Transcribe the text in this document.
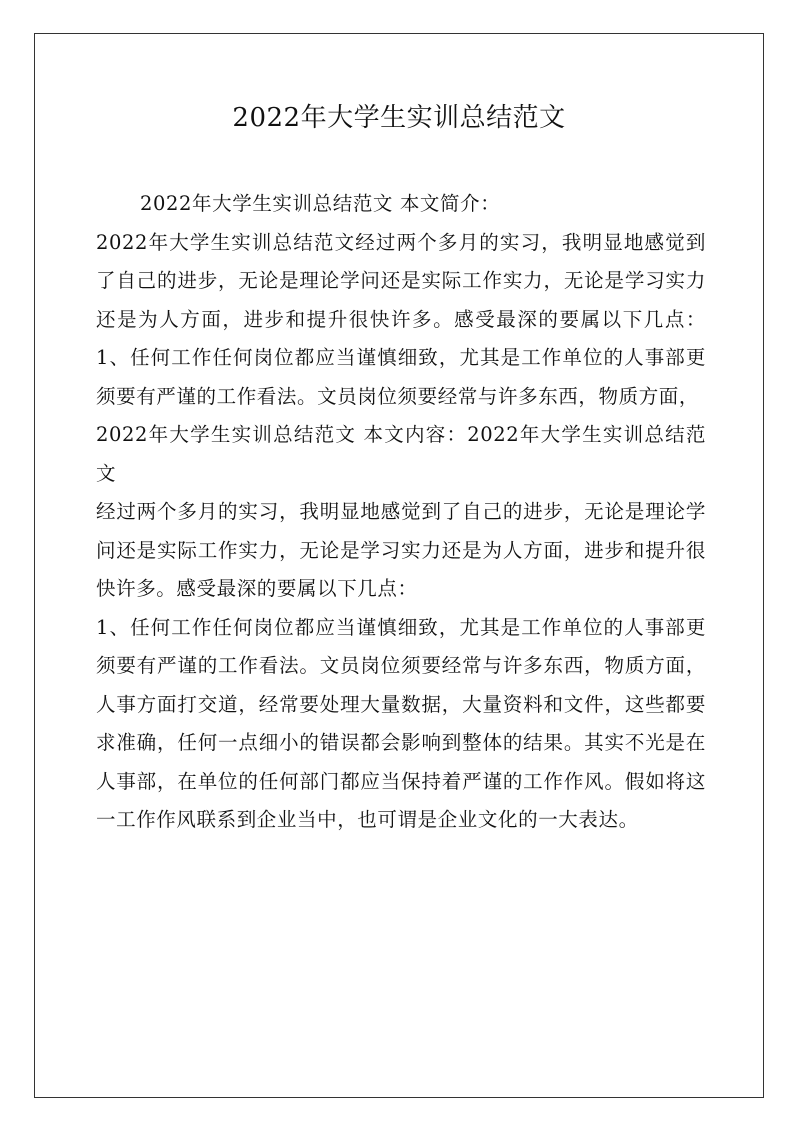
2022年大学生实训总结范文

2022年大学生实训总结范文 本文简介：

2022年大学生实训总结范文经过两个多月的实习，我明显地感觉到了自己的进步，无论是理论学问还是实际工作实力，无论是学习实力还是为人方面，进步和提升很快许多。感受最深的要属以下几点：1、任何工作任何岗位都应当谨慎细致，尤其是工作单位的人事部更须要有严谨的工作看法。文员岗位须要经常与许多东西，物质方面，

2022年大学生实训总结范文 本文内容：2022年大学生实训总结范文

经过两个多月的实习，我明显地感觉到了自己的进步，无论是理论学问还是实际工作实力，无论是学习实力还是为人方面，进步和提升很快许多。感受最深的要属以下几点：

1、任何工作任何岗位都应当谨慎细致，尤其是工作单位的人事部更须要有严谨的工作看法。文员岗位须要经常与许多东西，物质方面，人事方面打交道，经常要处理大量数据，大量资料和文件，这些都要求准确，任何一点细小的错误都会影响到整体的结果。其实不光是在人事部，在单位的任何部门都应当保持着严谨的工作作风。假如将这一工作作风联系到企业当中，也可谓是企业文化的一大表达。
